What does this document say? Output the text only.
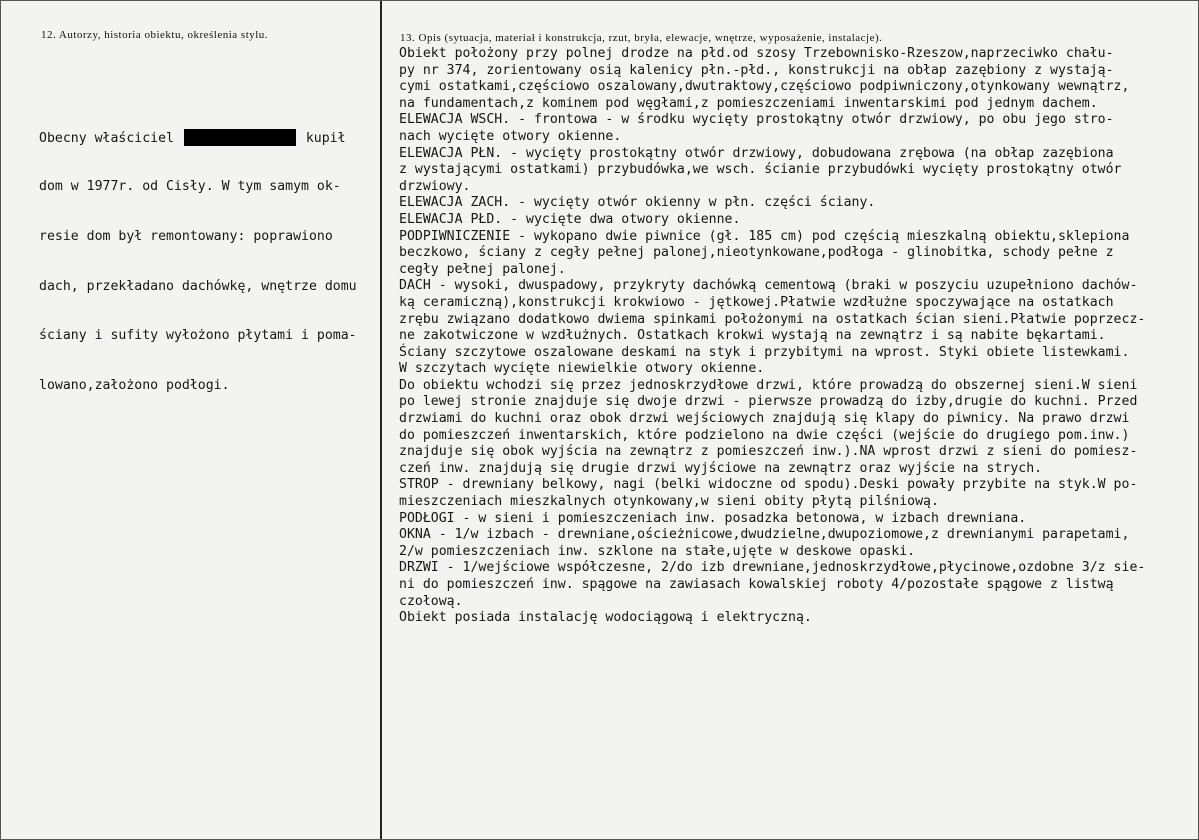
12. Autorzy, historia obiektu, określenia stylu.	13. Opis (sytuacja, materiał i konstrukcja, rzut, bryła, elewacje, wnętrze, wyposażenie, instalacje).

Obecny właściciel	kupił

dom w 1977r. od Cisły. W tym samym ok-

resie dom był remontowany: poprawiono

dach, przekładano dachówkę, wnętrze domu

ściany i sufity wyłożono płytami i poma-

lowano,założono podłogi.

Obiekt położony przy polnej drodze na płd.od szosy Trzebownisko-Rzeszow,naprzeciwko chału-
py nr 374, zorientowany osią kalenicy płn.-płd., konstrukcji na obłap zazębiony z wystają-
cymi ostatkami,częściowo oszalowany,dwutraktowy,częściowo podpiwniczony,otynkowany wewnątrz,
na fundamentach,z kominem pod węgłami,z pomieszczeniami inwentarskimi pod jednym dachem.
ELEWACJA WSCH. - frontowa - w środku wycięty prostokątny otwór drzwiowy, po obu jego stro-
nach wycięte otwory okienne.
ELEWACJA PŁN. - wycięty prostokątny otwór drzwiowy, dobudowana zrębowa (na obłap zazębiona
z wystającymi ostatkami) przybudówka,we wsch. ścianie przybudówki wycięty prostokątny otwór
drzwiowy.
ELEWACJA ZACH. - wycięty otwór okienny w płn. części ściany.
ELEWACJA PŁD. - wycięte dwa otwory okienne.
PODPIWNICZENIE - wykopano dwie piwnice (gł. 185 cm) pod częścią mieszkalną obiektu,sklepiona
beczkowo, ściany z cegły pełnej palonej,nieotynkowane,podłoga - glinobitka, schody pełne z
cegły pełnej palonej.
DACH - wysoki, dwuspadowy, przykryty dachówką cementową (braki w poszyciu uzupełniono dachów-
ką ceramiczną),konstrukcji krokwiowo - jętkowej.Płatwie wzdłużne spoczywające na ostatkach
zrębu związano dodatkowo dwiema spinkami położonymi na ostatkach ścian sieni.Płatwie poprzecz-
ne zakotwiczone w wzdłużnych. Ostatkach krokwi wystają na zewnątrz i są nabite bękartami.
Ściany szczytowe oszalowane deskami na styk i przybitymi na wprost. Styki obiete listewkami.
W szczytach wycięte niewielkie otwory okienne.
Do obiektu wchodzi się przez jednoskrzydłowe drzwi, które prowadzą do obszernej sieni.W sieni
po lewej stronie znajduje się dwoje drzwi - pierwsze prowadzą do izby,drugie do kuchni. Przed
drzwiami do kuchni oraz obok drzwi wejściowych znajdują się klapy do piwnicy. Na prawo drzwi
do pomieszczeń inwentarskich, które podzielono na dwie części (wejście do drugiego pom.inw.)
znajduje się obok wyjścia na zewnątrz z pomieszczeń inw.).NA wprost drzwi z sieni do pomiesz-
czeń inw. znajdują się drugie drzwi wyjściowe na zewnątrz oraz wyjście na strych.
STROP - drewniany belkowy, nagi (belki widoczne od spodu).Deski powały przybite na styk.W po-
mieszczeniach mieszkalnych otynkowany,w sieni obity płytą pilśniową.
PODŁOGI - w sieni i pomieszczeniach inw. posadzka betonowa, w izbach drewniana.
OKNA - 1/w izbach - drewniane,ościeżnicowe,dwudzielne,dwupoziomowe,z drewnianymi parapetami,
2/w pomieszczeniach inw. szklone na stałe,ujęte w deskowe opaski.
DRZWI - 1/wejściowe współczesne, 2/do izb drewniane,jednoskrzydłowe,płycinowe,ozdobne 3/z sie-
ni do pomieszczeń inw. spągowe na zawiasach kowalskiej roboty 4/pozostałe spągowe z listwą
czołową.
Obiekt posiada instalację wodociągową i elektryczną.
